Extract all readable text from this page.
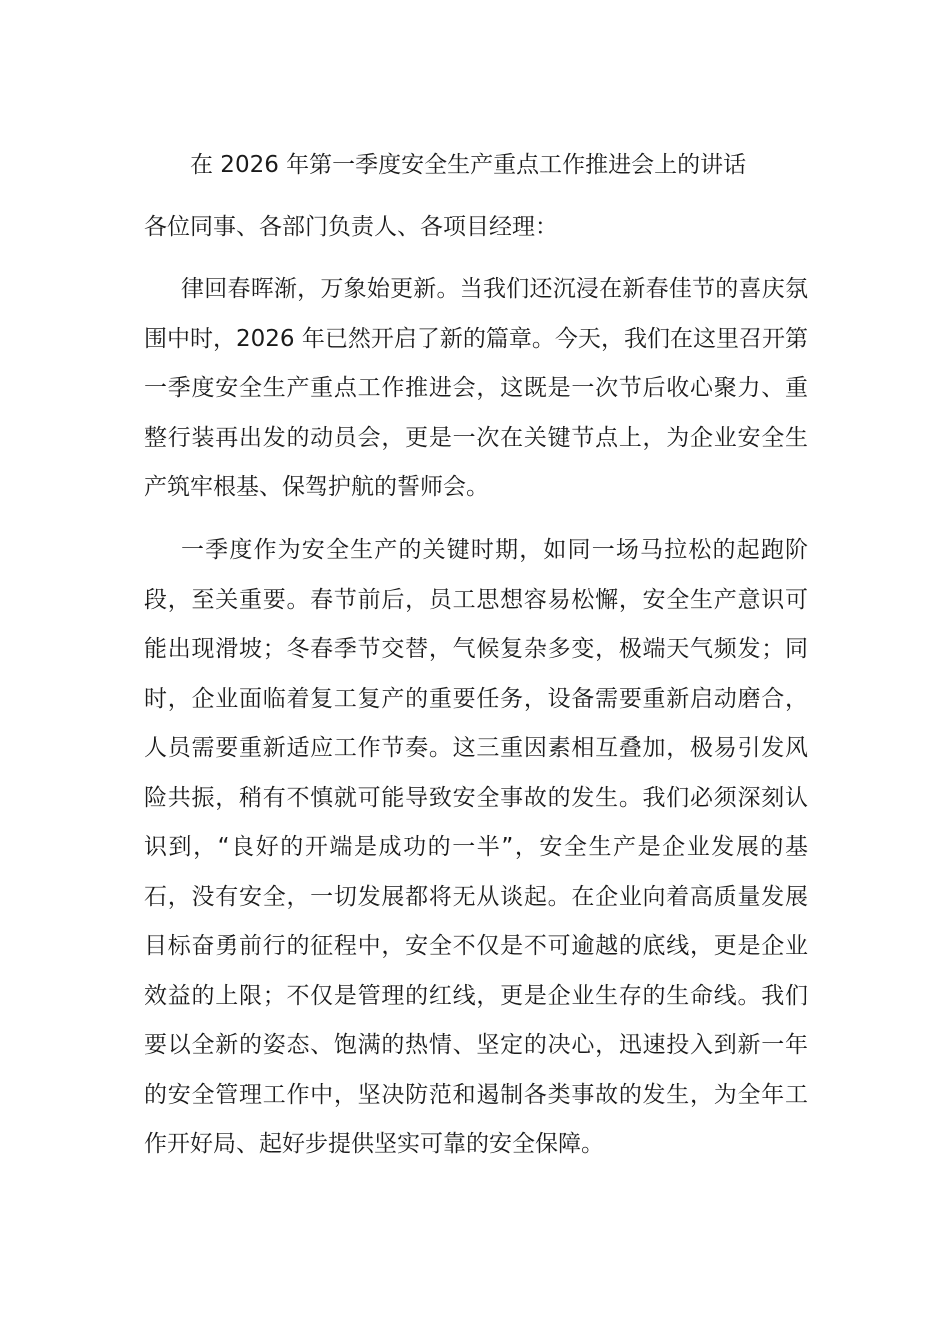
在 2026 年第一季度安全生产重点工作推进会上的讲话
各位同事、各部门负责人、各项目经理：

律回春晖渐，万象始更新。当我们还沉浸在新春佳节的喜庆氛围中时，2026 年已然开启了新的篇章。今天，我们在这里召开第一季度安全生产重点工作推进会，这既是一次节后收心聚力、重整行装再出发的动员会，更是一次在关键节点上，为企业安全生产筑牢根基、保驾护航的誓师会。

一季度作为安全生产的关键时期，如同一场马拉松的起跑阶段，至关重要。春节前后，员工思想容易松懈，安全生产意识可能出现滑坡；冬春季节交替，气候复杂多变，极端天气频发；同时，企业面临着复工复产的重要任务，设备需要重新启动磨合，人员需要重新适应工作节奏。这三重因素相互叠加，极易引发风险共振，稍有不慎就可能导致安全事故的发生。我们必须深刻认识到，“良好的开端是成功的一半”，安全生产是企业发展的基石，没有安全，一切发展都将无从谈起。在企业向着高质量发展目标奋勇前行的征程中，安全不仅是不可逾越的底线，更是企业效益的上限；不仅是管理的红线，更是企业生存的生命线。我们要以全新的姿态、饱满的热情、坚定的决心，迅速投入到新一年的安全管理工作中，坚决防范和遏制各类事故的发生，为全年工作开好局、起好步提供坚实可靠的安全保障。
